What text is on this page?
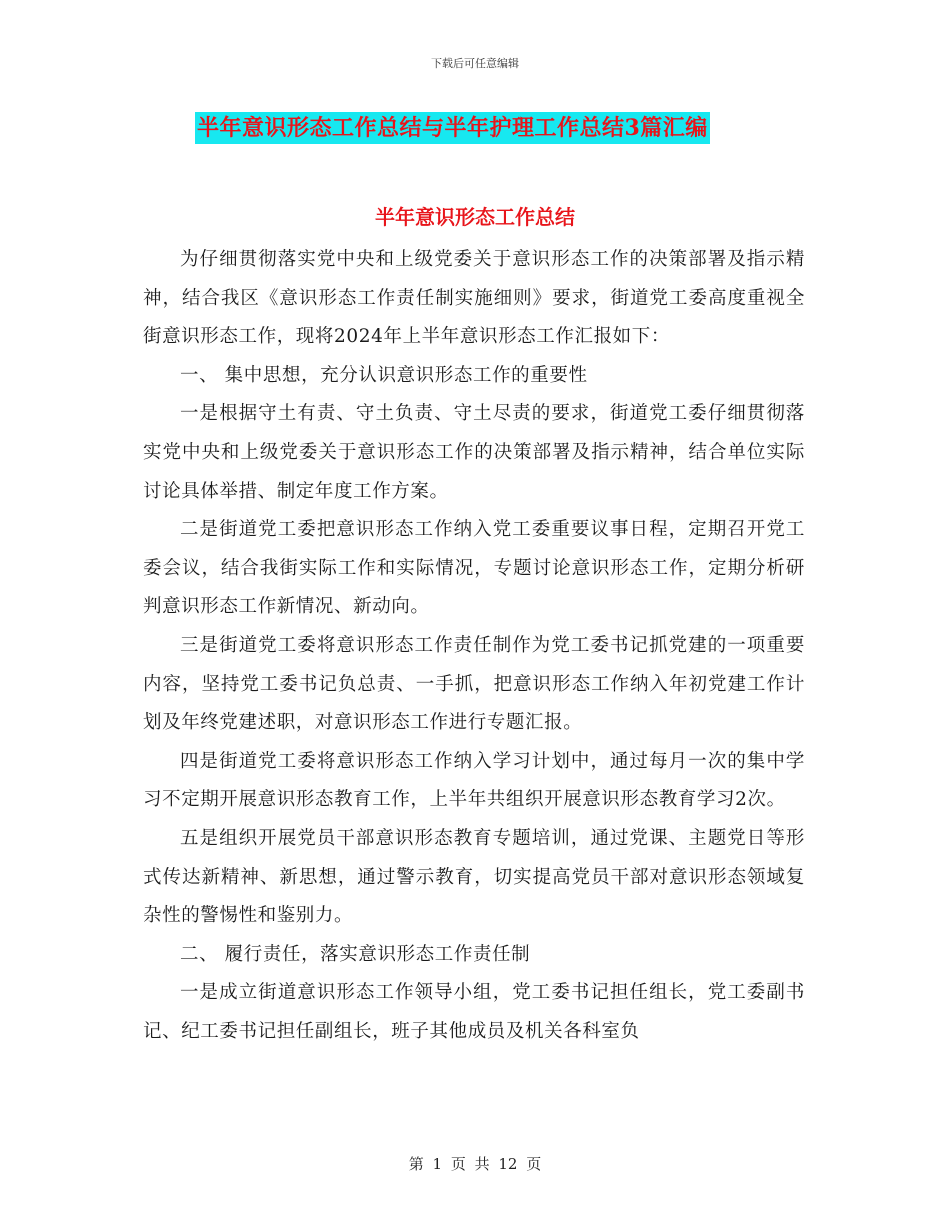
下载后可任意编辑
半年意识形态工作总结与半年护理工作总结3篇汇编
半年意识形态工作总结

为仔细贯彻落实党中央和上级党委关于意识形态工作的决策部署及指示精神，结合我区《意识形态工作责任制实施细则》要求，街道党工委高度重视全街意识形态工作，现将2024年上半年意识形态工作汇报如下：

一、 集中思想，充分认识意识形态工作的重要性

一是根据守土有责、守土负责、守土尽责的要求，街道党工委仔细贯彻落实党中央和上级党委关于意识形态工作的决策部署及指示精神，结合单位实际讨论具体举措、制定年度工作方案。

二是街道党工委把意识形态工作纳入党工委重要议事日程，定期召开党工委会议，结合我街实际工作和实际情况，专题讨论意识形态工作，定期分析研判意识形态工作新情况、新动向。

三是街道党工委将意识形态工作责任制作为党工委书记抓党建的一项重要内容，坚持党工委书记负总责、一手抓，把意识形态工作纳入年初党建工作计划及年终党建述职，对意识形态工作进行专题汇报。

四是街道党工委将意识形态工作纳入学习计划中，通过每月一次的集中学习不定期开展意识形态教育工作，上半年共组织开展意识形态教育学习2次。

五是组织开展党员干部意识形态教育专题培训，通过党课、主题党日等形式传达新精神、新思想，通过警示教育，切实提高党员干部对意识形态领域复杂性的警惕性和鉴别力。

二、 履行责任，落实意识形态工作责任制

一是成立街道意识形态工作领导小组，党工委书记担任组长，党工委副书记、纪工委书记担任副组长，班子其他成员及机关各科室负

第 1 页 共 12 页
